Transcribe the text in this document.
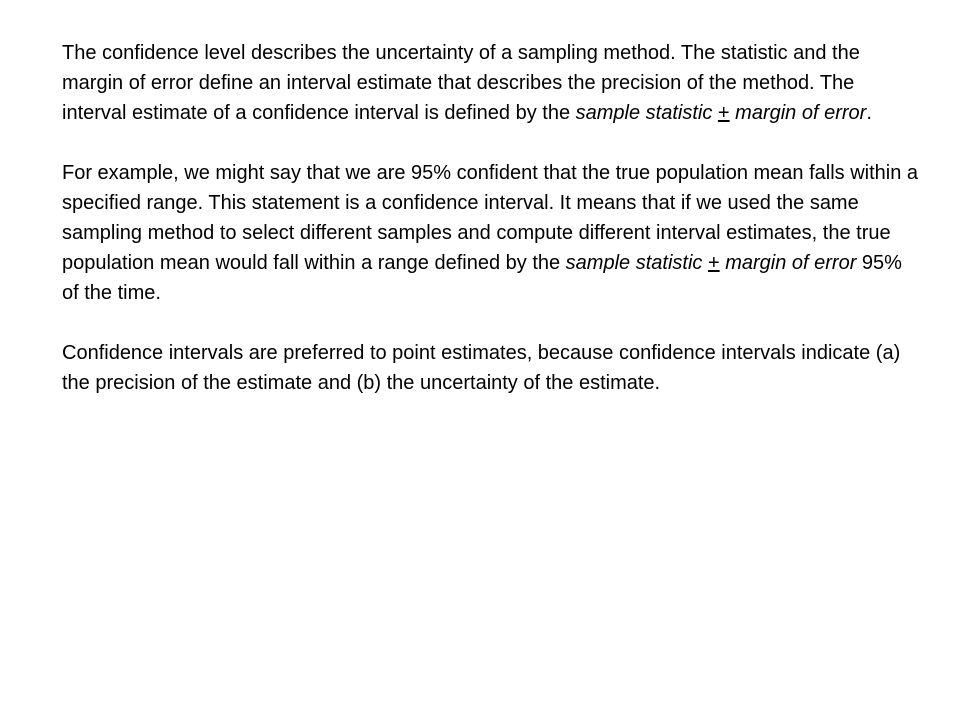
The confidence level describes the uncertainty of a sampling method. The statistic and the margin of error define an interval estimate that describes the precision of the method. The interval estimate of a confidence interval is defined by the sample statistic + margin of error.

For example, we might say that we are 95% confident that the true population mean falls within a specified range. This statement is a confidence interval. It means that if we used the same sampling method to select different samples and compute different interval estimates, the true population mean would fall within a range defined by the sample statistic + margin of error 95% of the time.

Confidence intervals are preferred to point estimates, because confidence intervals indicate (a) the precision of the estimate and (b) the uncertainty of the estimate.
